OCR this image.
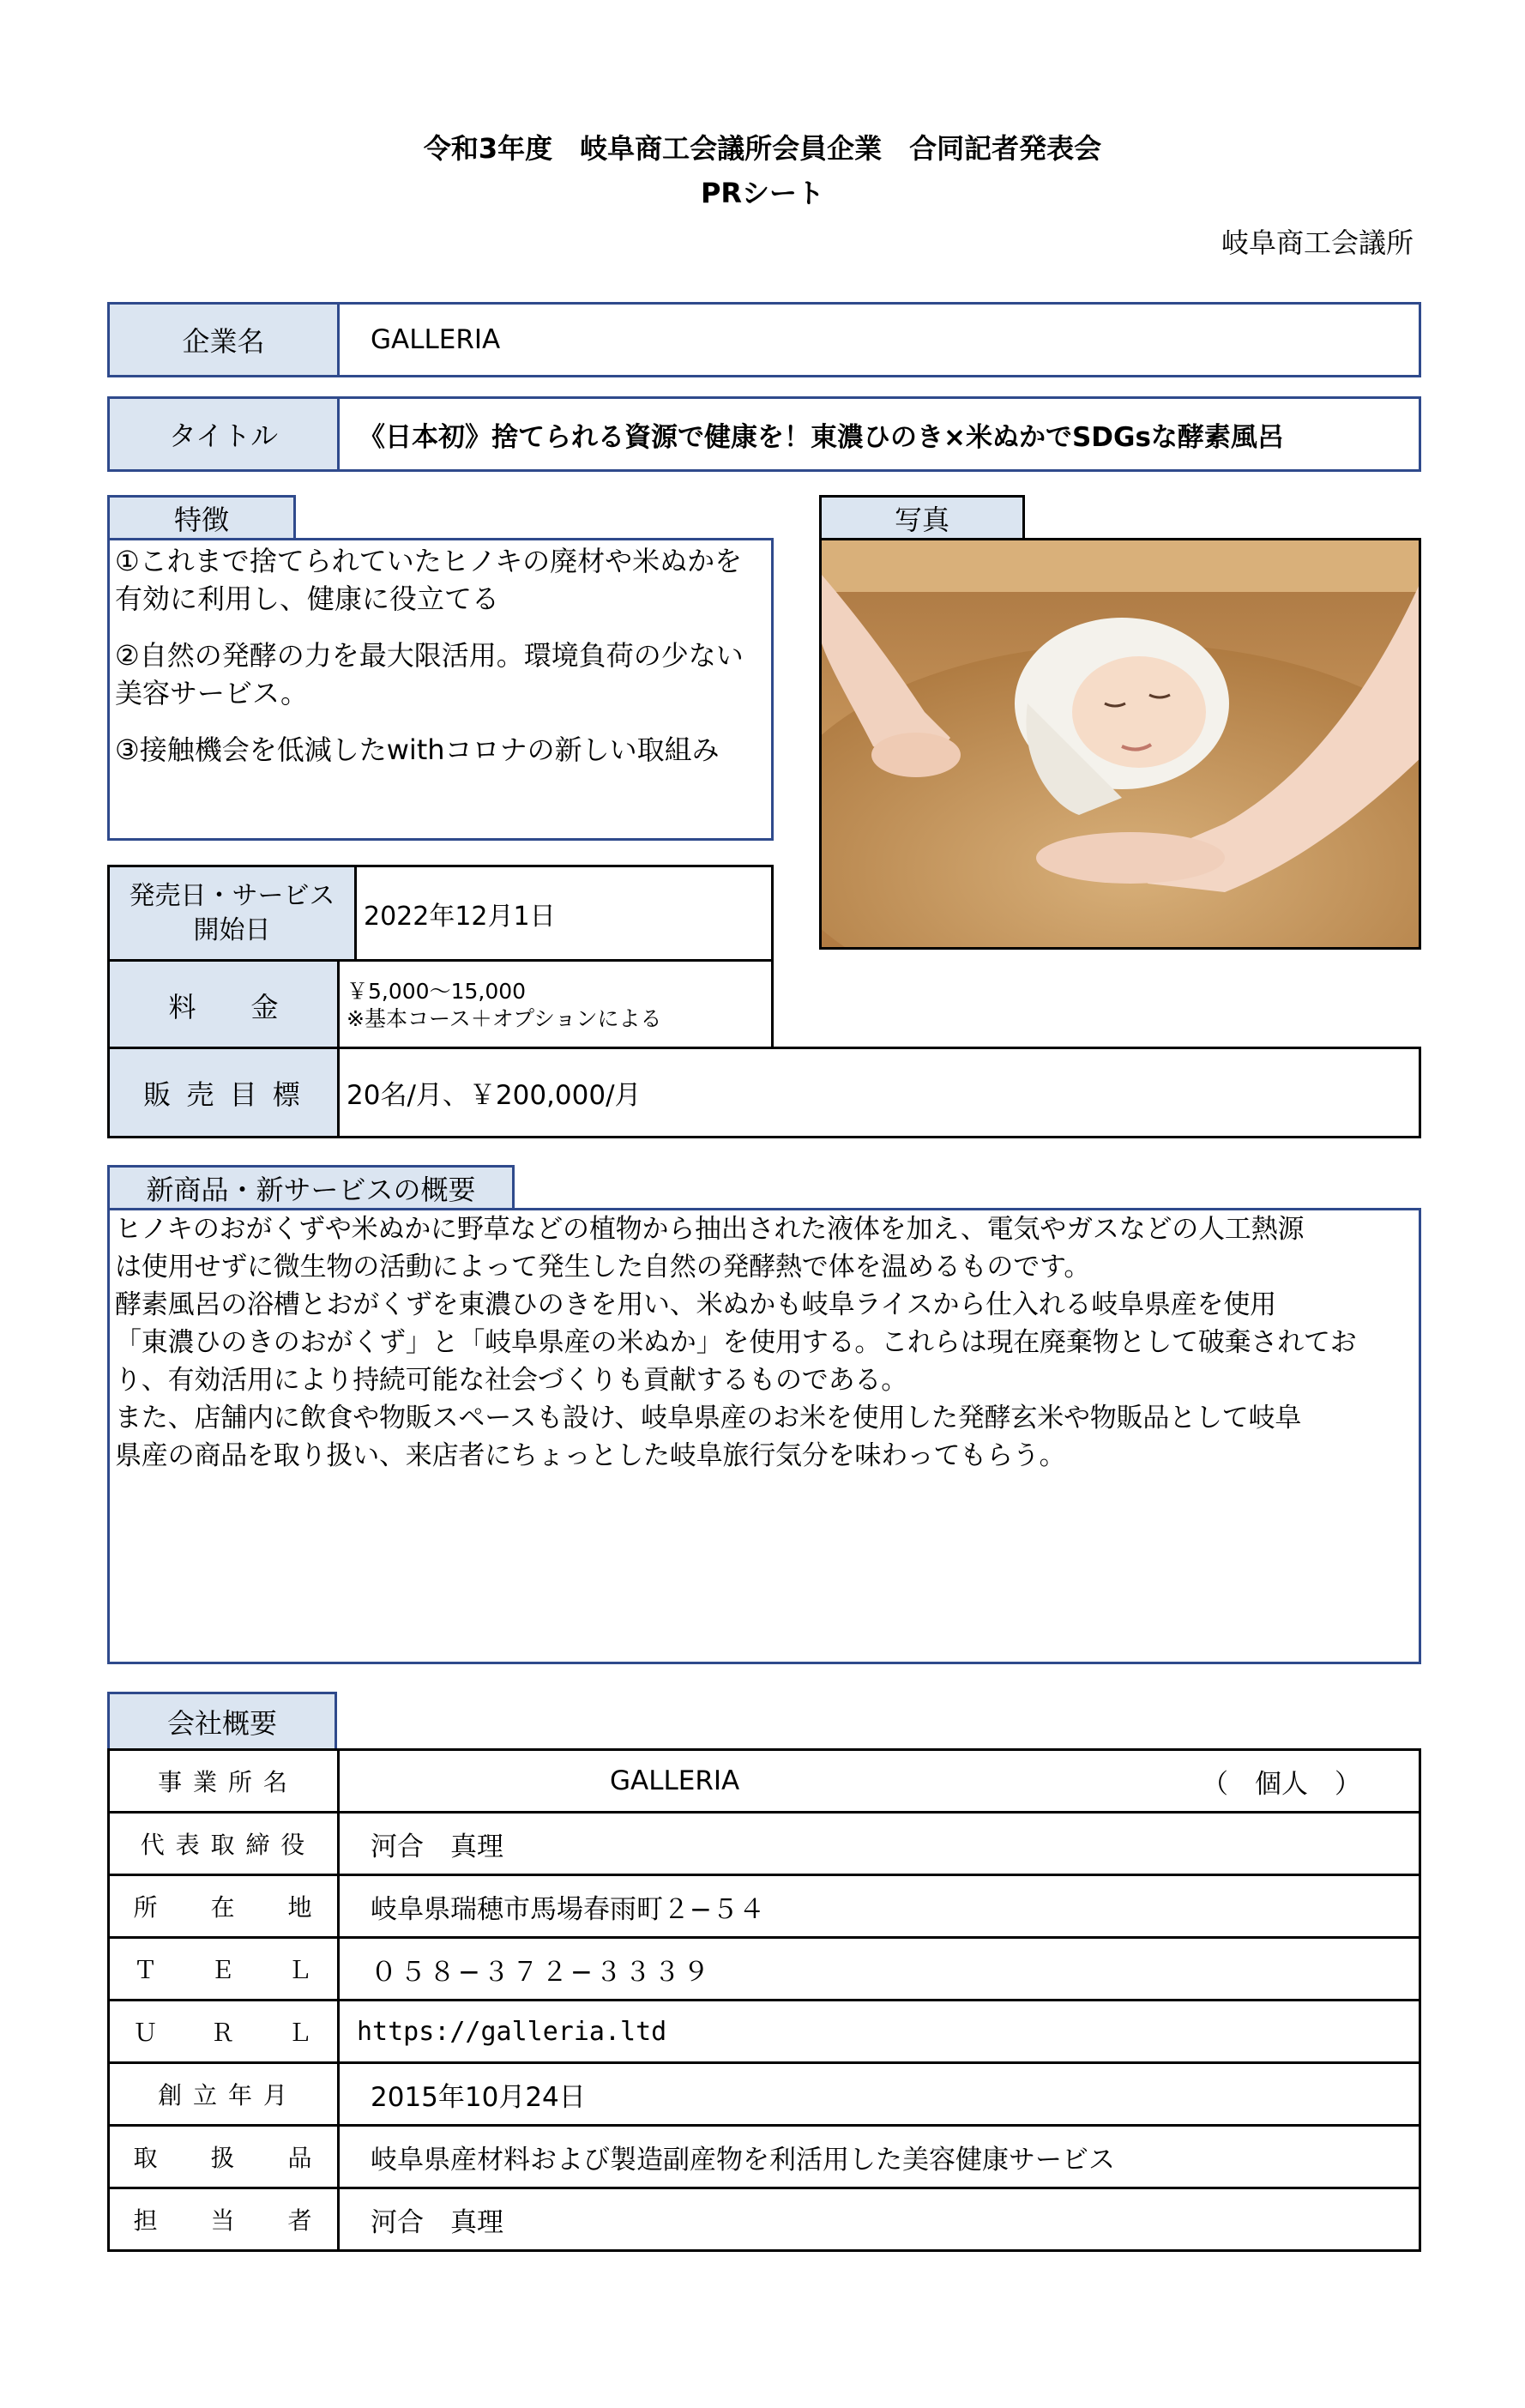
令和3年度　岐阜商工会議所会員企業　合同記者発表会
PRシート
岐阜商工会議所
企業名	GALLERIA
タイトル	《日本初》捨てられる資源で健康を！東濃ひのき×米ぬかでSDGsな酵素風呂
特徴

①これまで捨てられていたヒノキの廃材や米ぬかを有効に利用し、健康に役立てる

②自然の発酵の力を最大限活用。環境負荷の少ない美容サービス。

③接触機会を低減したwithコロナの新しい取組み

写真
発売日・サービス開始日	2022年12月1日
料　　金	￥5,000～15,000
※基本コース＋オプションによる
販 売 目 標	20名/月、￥200,000/月
新商品・新サービスの概要

ヒノキのおがくずや米ぬかに野草などの植物から抽出された液体を加え、電気やガスなどの人工熱源

は使用せずに微生物の活動によって発生した自然の発酵熱で体を温めるものです。

酵素風呂の浴槽とおがくずを東濃ひのきを用い、米ぬかも岐阜ライスから仕入れる岐阜県産を使用

「東濃ひのきのおがくず」と「岐阜県産の米ぬか」を使用する。これらは現在廃棄物として破棄されてお

り、有効活用により持続可能な社会づくりも貢献するものである。

また、店舗内に飲食や物販スペースも設け、岐阜県産のお米を使用した発酵玄米や物販品として岐阜

県産の商品を取り扱い、来店者にちょっとした岐阜旅行気分を味わってもらう。

会社概要
事 業 所 名	GALLERIA	（　個人　）
代 表 取 締 役	河合　真理
所　　在　　地	岐阜県瑞穂市馬場春雨町２−５４
Ｔ　　Ｅ　　Ｌ	０５８−３７２−３３３９
Ｕ　　Ｒ　　Ｌ	https://galleria.ltd
創 立 年 月	2015年10月24日
取　　扱　　品	岐阜県産材料および製造副産物を利活用した美容健康サービス
担　　当　　者	河合　真理
